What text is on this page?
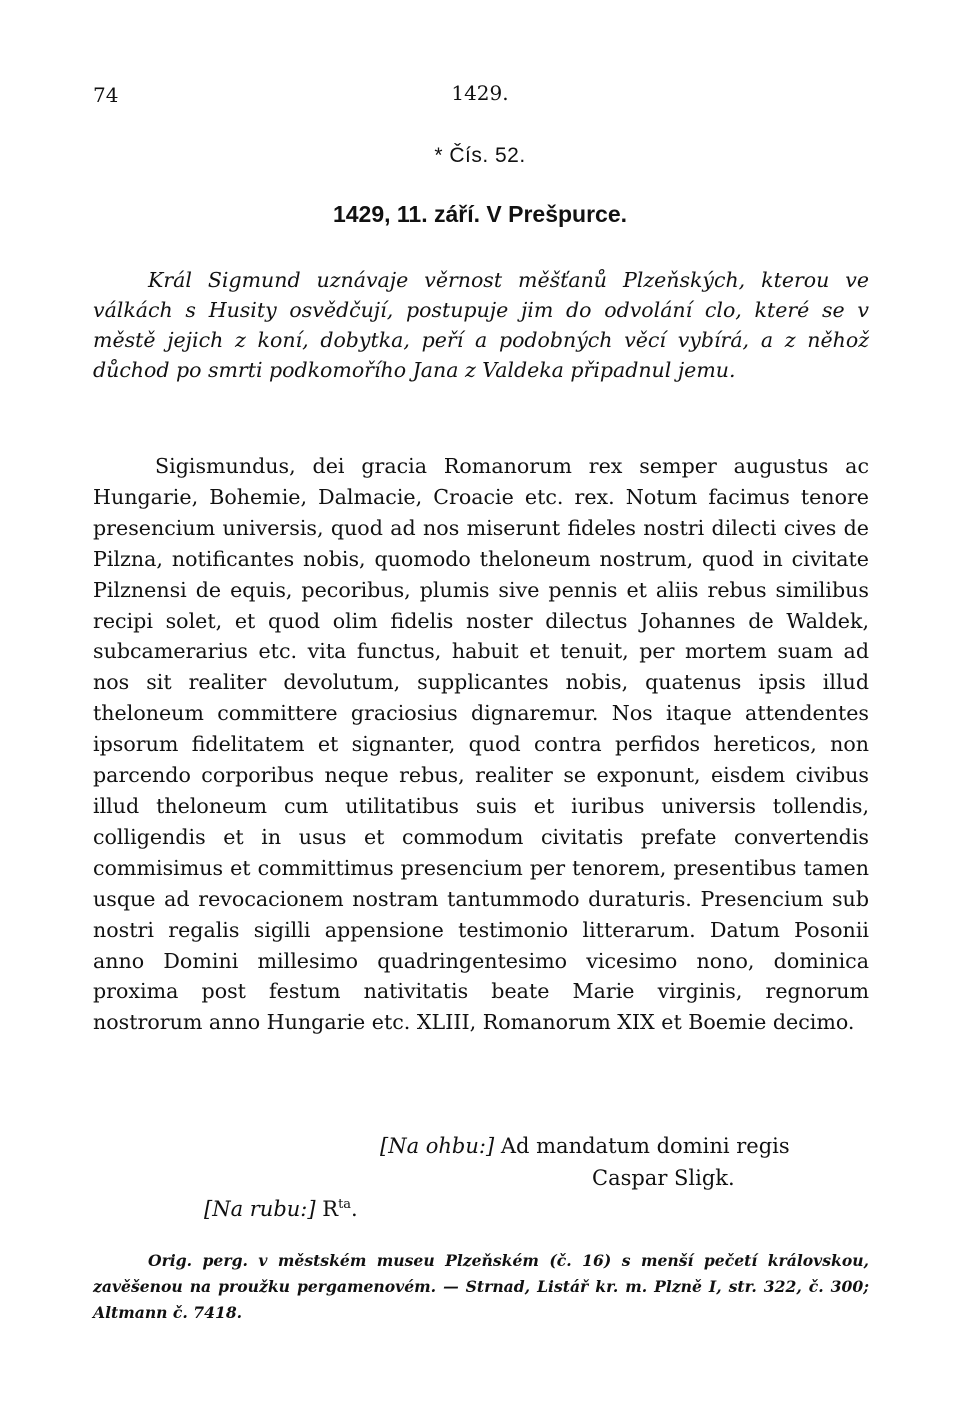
74	1429.
* Čís. 52.
1429, 11. září. V Prešpurce.

Král Sigmund uznávaje věrnost měšťanů Plzeňských, kterou ve válkách s Husity osvědčují, postupuje jim do odvolání clo, které se v městě jejich z koní, dobytka, peří a podobných věcí vybírá, a z něhož důchod po smrti podkomořího Jana z Valdeka připadnul jemu.

Sigismundus, dei gracia Romanorum rex semper augustus ac Hungarie, Bohemie, Dalmacie, Croacie etc. rex. Notum facimus tenore presencium universis, quod ad nos miserunt fideles nostri dilecti cives de Pilzna, notificantes nobis, quomodo theloneum nostrum, quod in civitate Pilznensi de equis, pecoribus, plumis sive pennis et aliis rebus similibus recipi solet, et quod olim fidelis noster dilectus Johannes de Waldek, subcamerarius etc. vita functus, habuit et tenuit, per mortem suam ad nos sit realiter devolutum, supplicantes nobis, quatenus ipsis illud theloneum committere graciosius dignaremur. Nos itaque attendentes ipsorum fidelitatem et signanter, quod contra perfidos hereticos, non parcendo corporibus neque rebus, realiter se exponunt, eisdem civibus illud theloneum cum utilitatibus suis et iuribus universis tollendis, colligendis et in usus et commodum civitatis prefate convertendis commisimus et committimus presencium per tenorem, presentibus tamen usque ad revocacionem nostram tantummodo duraturis. Presencium sub nostri regalis sigilli appensione testimonio litterarum. Datum Posonii anno Domini millesimo quadringentesimo vicesimo nono, dominica proxima post festum nativitatis beate Marie virginis, regnorum nostrorum anno Hungarie etc. XLIII, Romanorum XIX et Boemie decimo.

[Na ohbu:] Ad mandatum domini regis
Caspar Sligk.
[Na rubu:] $R^{ta}$.

Orig. perg. v městském museu Plzeňském (č. 16) s menší pečetí královskou, zavěšenou na proužku pergamenovém. — Strnad, Listář kr. m. Plzně I, str. 322, č. 300; Altmann č. 7418.
